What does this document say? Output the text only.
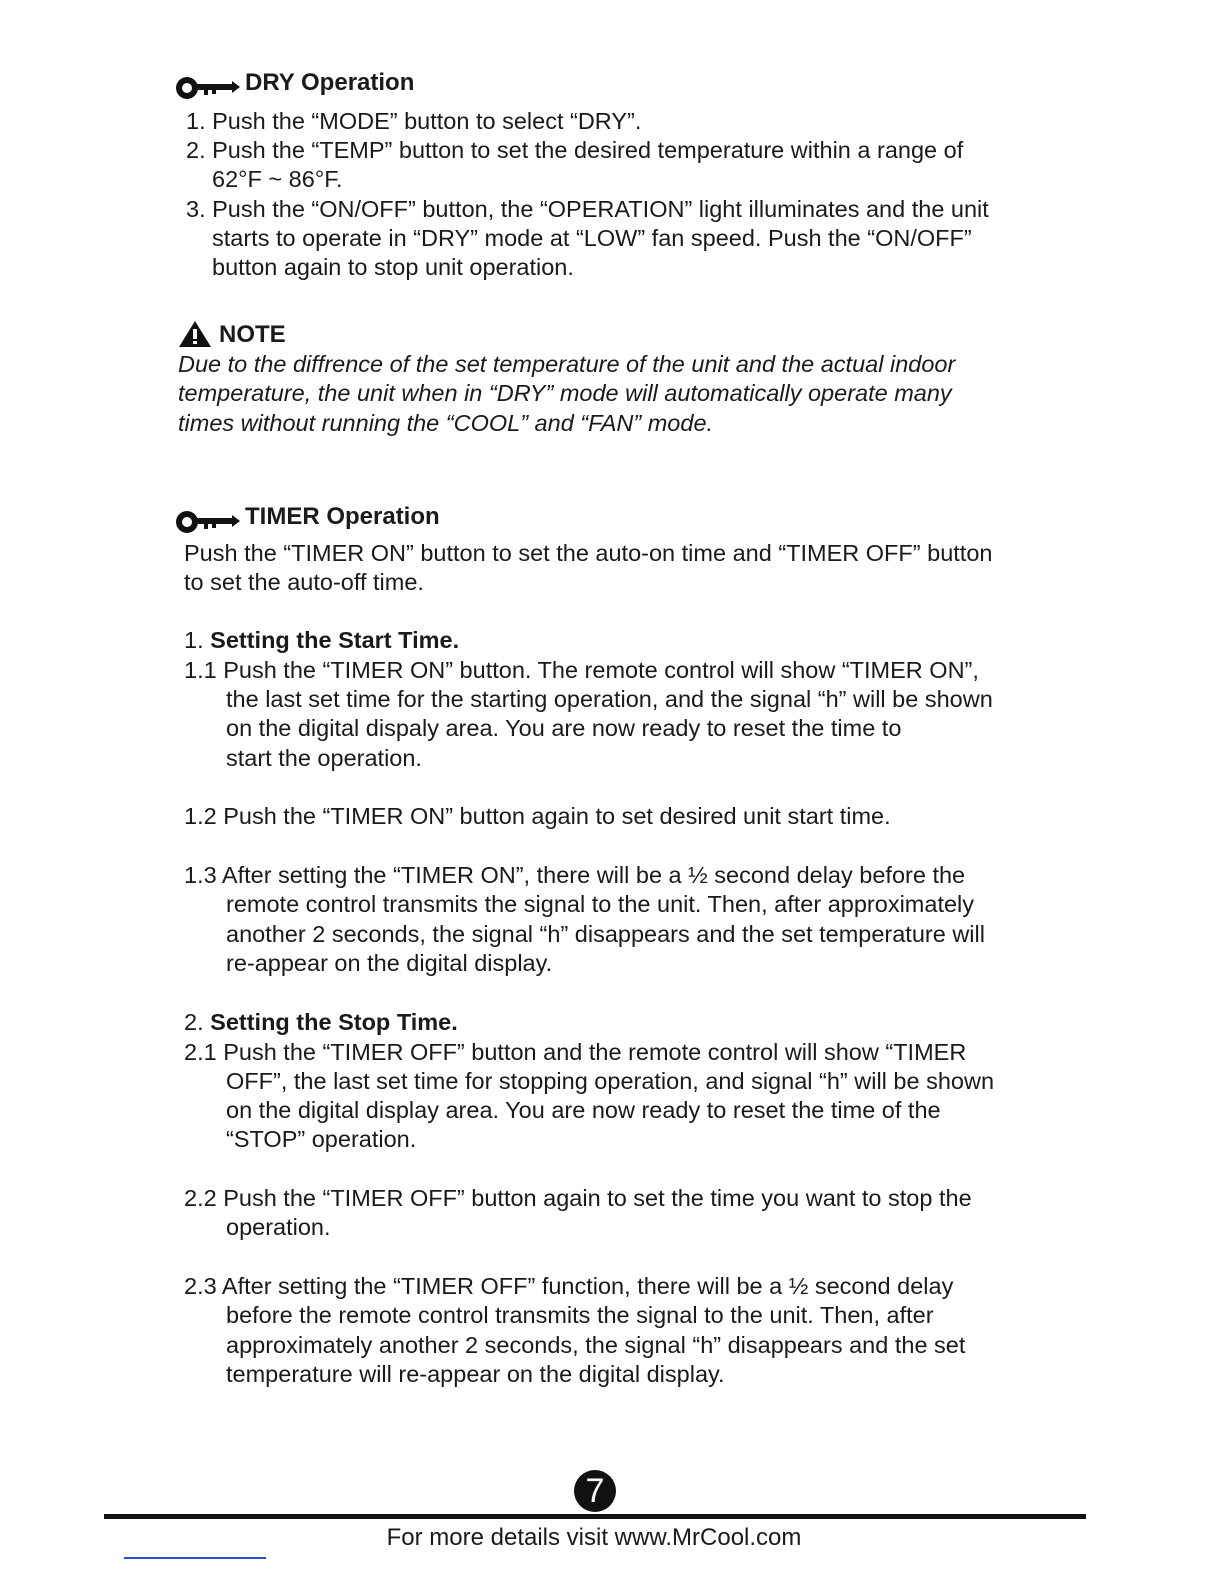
DRY Operation
1. Push the “MODE” button to select “DRY”.
2. Push the “TEMP” button to set the desired temperature within a range of
62°F ~ 86°F.
3. Push the “ON/OFF” button, the “OPERATION” light illuminates and the unit
starts to operate in “DRY” mode at “LOW” fan speed. Push the “ON/OFF”
button again to stop unit operation.
NOTE
Due to the diffrence of the set temperature of the unit and the actual indoor
temperature, the unit when in “DRY” mode will automatically operate many
times without running the “COOL” and “FAN” mode.
TIMER Operation
Push the “TIMER ON” button to set the auto-on time and “TIMER OFF” button
to set the auto-off time.
1. Setting the Start Time.
1.1 Push the “TIMER ON” button. The remote control will show “TIMER ON”,
the last set time for the starting operation, and the signal “h” will be shown
on the digital dispaly area. You are now ready to reset the time to
start the operation.
1.2 Push the “TIMER ON” button again to set desired unit start time.
1.3 After setting the “TIMER ON”, there will be a ½ second delay before the
remote control transmits the signal to the unit. Then, after approximately
another 2 seconds, the signal “h” disappears and the set temperature will
re-appear on the digital display.
2. Setting the Stop Time.
2.1 Push the “TIMER OFF” button and the remote control will show “TIMER
OFF”, the last set time for stopping operation, and signal “h” will be shown
on the digital display area. You are now ready to reset the time of the
“STOP” operation.
2.2 Push the “TIMER OFF” button again to set the time you want to stop the
operation.
2.3 After setting the “TIMER OFF” function, there will be a ½ second delay
before the remote control transmits the signal to the unit. Then, after
approximately another 2 seconds, the signal “h” disappears and the set
temperature will re-appear on the digital display.
7
For more details visit www.MrCool.com
